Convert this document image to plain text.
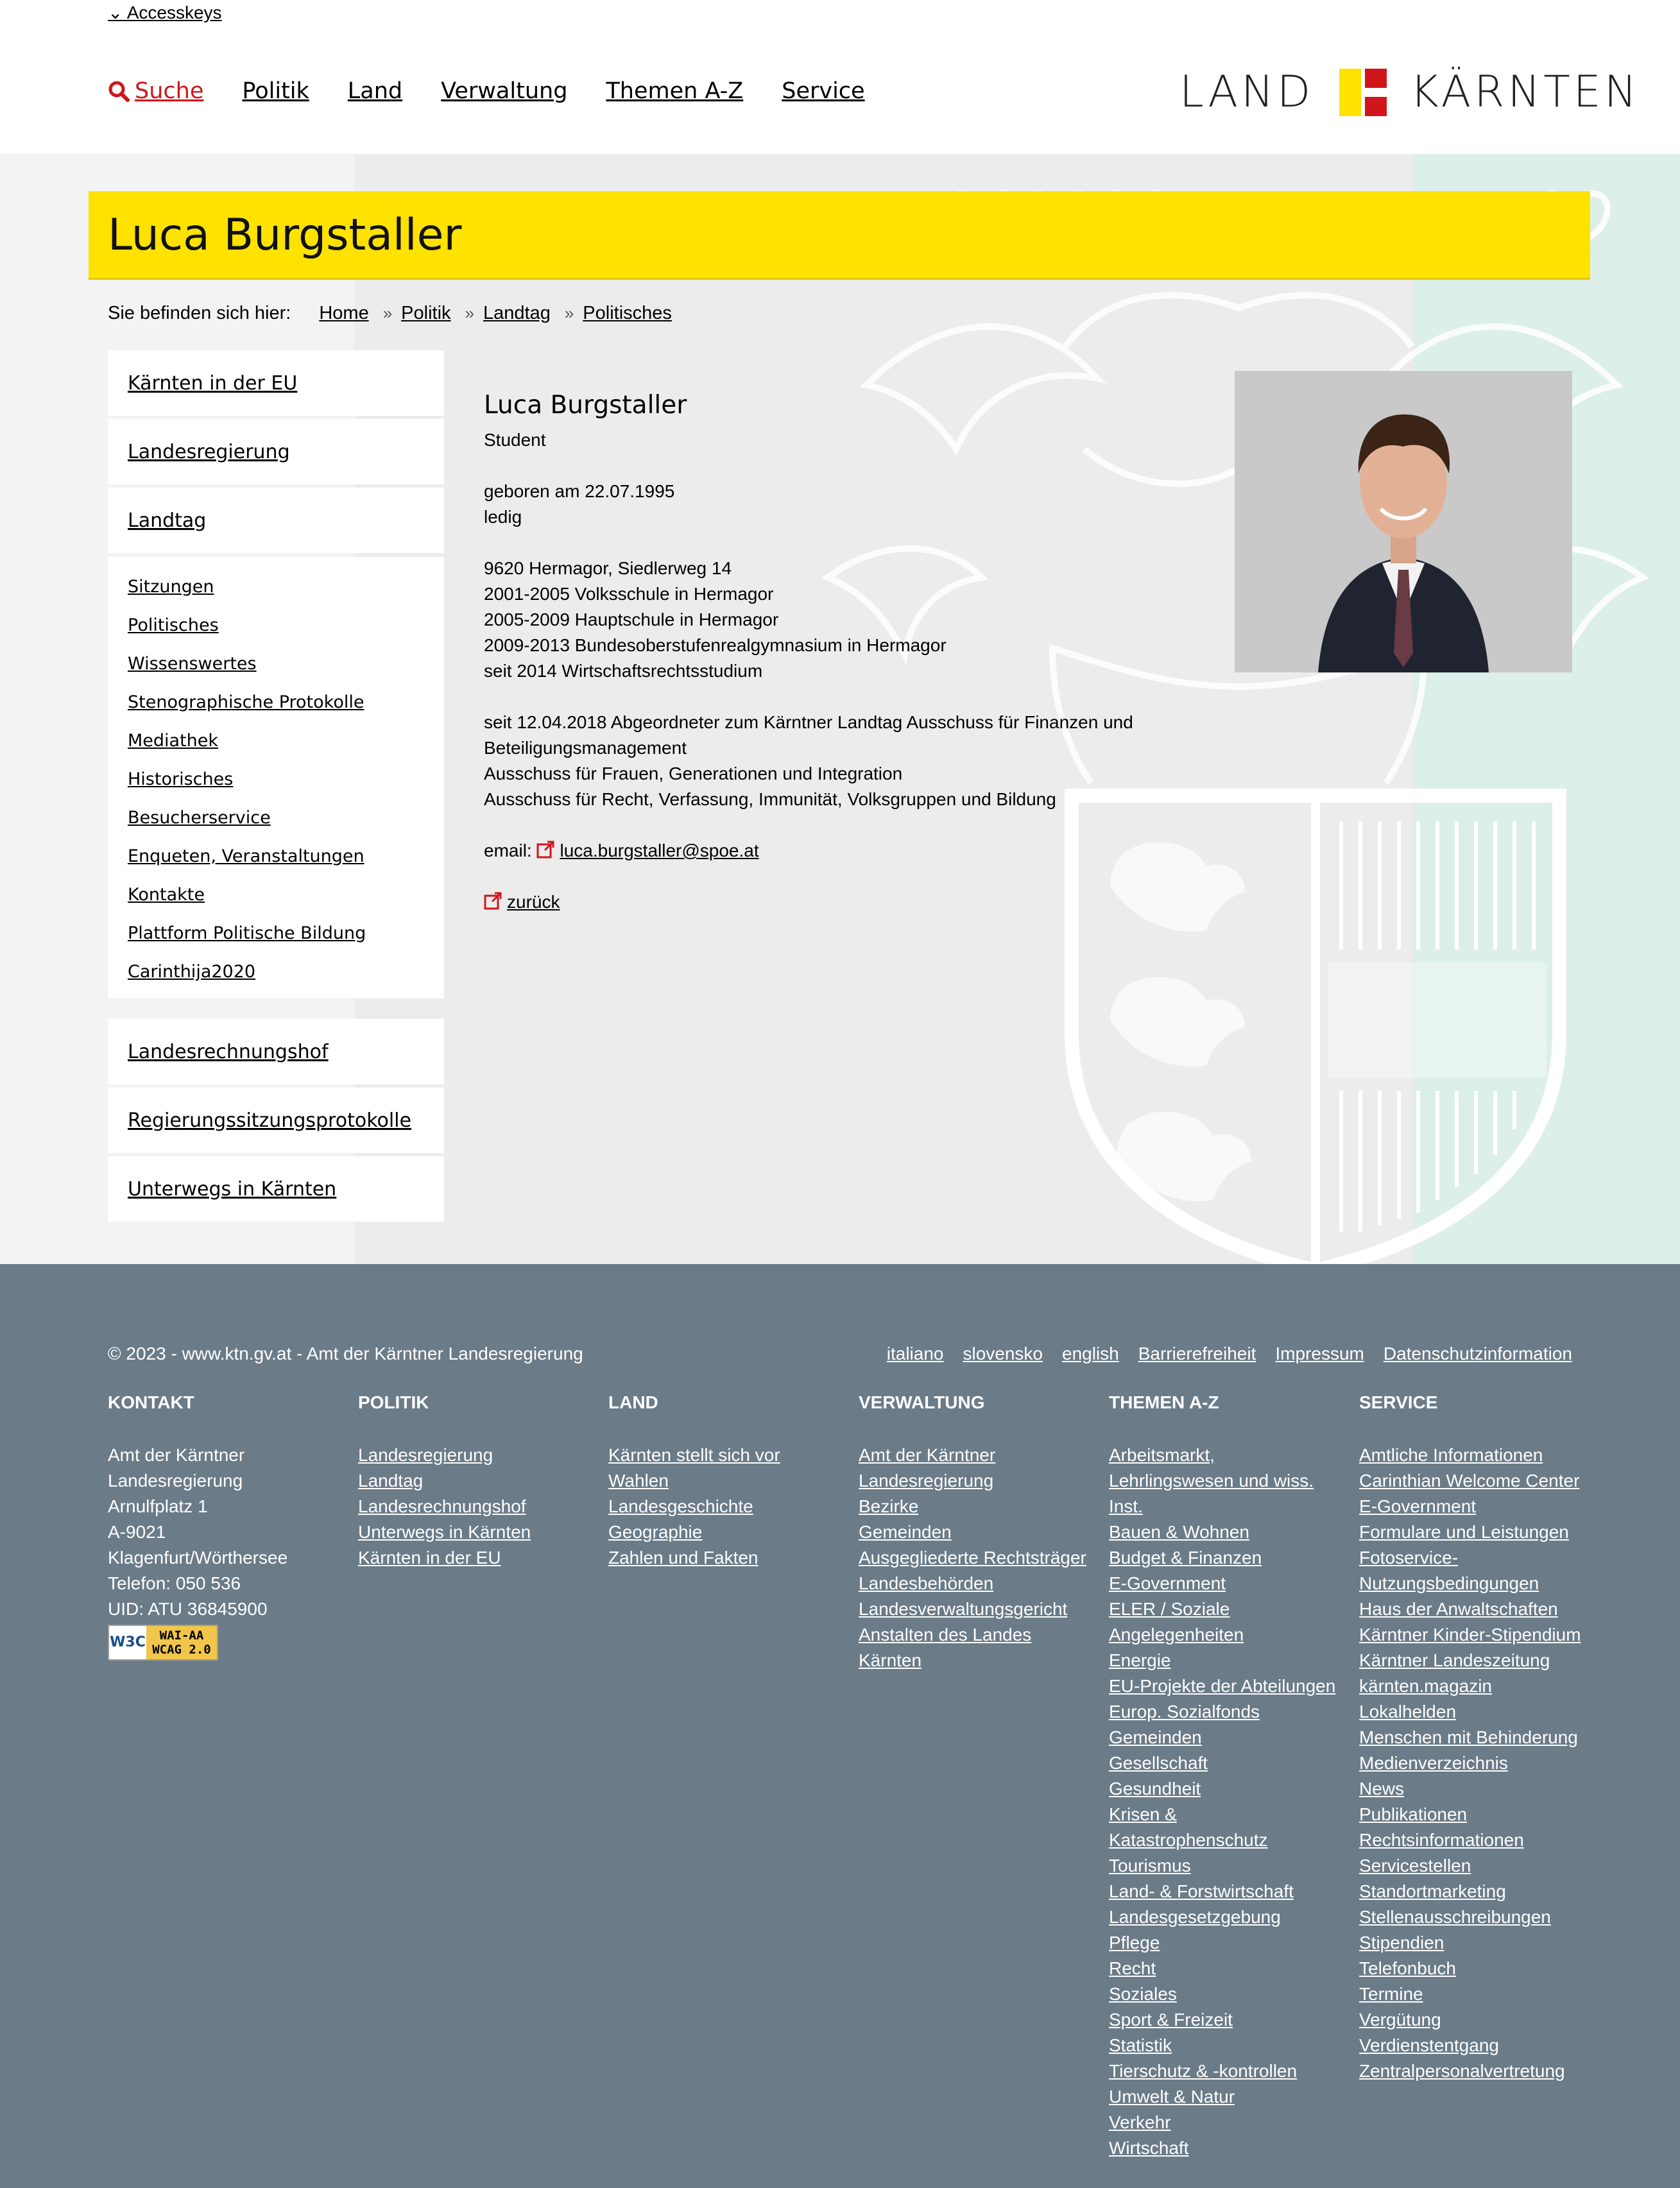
⌄ Accesskeys
Suche Politik Land Verwaltung Themen A-Z Service	LAND KÄRNTEN
Luca Burgstaller
Sie befinden sich hier: Home » Politik » Landtag » Politisches
Kärnten in der EU
Landesregierung
Landtag
Sitzungen
Politisches
Wissenswertes
Stenographische Protokolle
Mediathek
Historisches
Besucherservice
Enqueten, Veranstaltungen
Kontakte
Plattform Politische Bildung
Carinthija2020
Landesrechnungshof
Regierungssitzungsprotokolle
Unterwegs in Kärnten
Luca Burgstaller

Student

geboren am 22.07.1995

ledig

9620 Hermagor, Siedlerweg 14

2001-2005 Volksschule in Hermagor

2005-2009 Hauptschule in Hermagor

2009-2013 Bundesoberstufenrealgymnasium in Hermagor

seit 2014 Wirtschaftsrechtsstudium

seit 12.04.2018 Abgeordneter zum Kärntner Landtag Ausschuss für Finanzen und Beteiligungsmanagement

Ausschuss für Frauen, Generationen und Integration

Ausschuss für Recht, Verfassung, Immunität, Volksgruppen und Bildung

email: luca.burgstaller@spoe.at

zurück

© 2023 - www.ktn.gv.at - Amt der Kärntner Landesregierung	italiano slovensko english Barrierefreiheit Impressum Datenschutzinformation
KONTAKT
Amt der Kärntner
Landesregierung
Arnulfplatz 1
A-9021
Klagenfurt/Wörthersee
Telefon: 050 536
UID: ATU 36845900
W3C WAI-AA
WCAG 2.0
POLITIK
Landesregierung
Landtag
Landesrechnungshof
Unterwegs in Kärnten
Kärnten in der EU
LAND
Kärnten stellt sich vor
Wahlen
Landesgeschichte
Geographie
Zahlen und Fakten
VERWALTUNG
Amt der Kärntner Landesregierung
Bezirke
Gemeinden
Ausgegliederte Rechtsträger
Landesbehörden
Landesverwaltungsgericht
Anstalten des Landes Kärnten
THEMEN A-Z
Arbeitsmarkt, Lehrlingswesen und wiss. Inst.
Bauen & Wohnen
Budget & Finanzen
E-Government
ELER / Soziale Angelegenheiten
Energie
EU-Projekte der Abteilungen
Europ. Sozialfonds
Gemeinden
Gesellschaft
Gesundheit
Krisen & Katastrophenschutz
Tourismus
Land- & Forstwirtschaft
Landesgesetzgebung
Pflege
Recht
Soziales
Sport & Freizeit
Statistik
Tierschutz & -kontrollen
Umwelt & Natur
Verkehr
Wirtschaft
SERVICE
Amtliche Informationen
Carinthian Welcome Center
E-Government
Formulare und Leistungen
Fotoservice-Nutzungsbedingungen
Haus der Anwaltschaften
Kärntner Kinder-Stipendium
Kärntner Landeszeitung
kärnten.magazin
Lokalhelden
Menschen mit Behinderung
Medienverzeichnis
News
Publikationen
Rechtsinformationen
Servicestellen
Standortmarketing
Stellenausschreibungen
Stipendien
Telefonbuch
Termine
Vergütung
Verdienstentgang
Zentralpersonalvertretung
